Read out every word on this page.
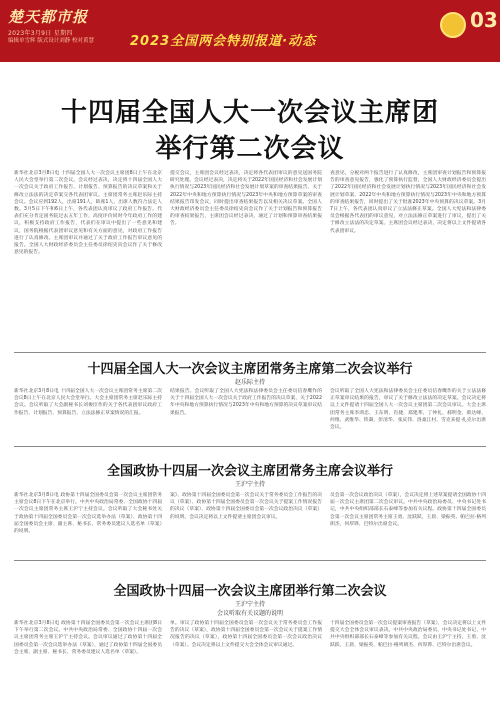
楚天都市报
2023年3月9日 星期四
编辑单雪辉 版式设计刘静 校对黄慧	2023全国两会特别报道·动态
03
十四届全国人大一次会议主席团
举行第二次会议
新华社北京3月8日电 十四届全国人大一次会议主席团8日上午在北京人民大会堂举行第二次会议。会议经过表决，决定将十四届全国人大一次会议关于政府工作报告、计划报告、预算报告的决议草案和关于修改立法法的决定草案交各代表团审议。主席团常务主席赵乐际主持会议。会议应到192人，出席191人，缺席1人，出席人数符合法定人数。3月5日下午和6日上午，各代表团认真审议了政府工作报告。代表们充分肯定国务院过去五年工作，高度评价同时今年政府工作的建议，积极支持政府工作报告，代表们在审议中提出了一些意见和建议，国务院根据代表团审议意见和有关方面的意见，对政府工作报告进行了认真修改。主席团审议并通过了关于政府工作报告审议意见的报告。全国人大财政经济委员会主任委员徐绍史向会议作了关于修改意见的报告。
提交会议，主席团会议经过表决，决定将各代表团审议的意见送国务院研究处理。会议经过表决，决定将关于2022年国民经济和社会发展计划执行情况与2023年国民经济和社会发展计划草案的审查结果报告、关于2022年中央和地方预算执行情况与2023年中央和地方预算草案的审查结果报告印发会议，同时提出审查结果报告以及相关决议草案。全国人大财政经济委员会主任委员徐绍史向会议作了关于计划报告和预算报告的审查结果报告，主席团会议经过表决，通过了计划和预算审查结果报告。
查意见，分税对两个报告进行了认真修改，主席团审查计划报告和预算报告的审查意见报告，强化了预算执行监督，全国人大财政经济委员会提出了2022年国民经济和社会发展计划执行情况与2023年国民经济和社会发展计划草案、2022年中央和地方预算执行情况与2023年中央和地方预算的审查结果报告，同时提出了关于批准2023年中央预算的决议草案。3月7日上午，各代表团认真审议了立法法修正草案。全国人大宪法和法律委员会根据各代表团的审议意见，对立法法修正草案进行了审议，提出了关于修改立法法的决定草案。主席团会议经过表决，决定将以上文件提请各代表团审议。
十四届全国人大一次会议主席团常务主席第二次会议举行
赵乐际主持
新华社北京3月8日电 十四届全国人大一次会议主席团常务主席第二次会议8日上午在北京人民大会堂举行。大会主席团常务主席赵乐际主持会议。会议听取了大会副秘书长刘俊臣作的关于各代表团审议政府工作报告、计划报告、预算报告、立法法修正草案情况的汇报。
结果报告。会议听取了全国人大宪法和法律委员会主任委员信春鹰作的关于十四届全国人大一次会议关于政府工作报告的决议草案、关于2022年中央和地方预算执行情况与2023年中央和地方预算的决议草案审议结果报告。
会议听取了全国人大宪法和法律委员会主任委员信春鹰作的关于立法法修正草案审议结果的报告，审议了关于修改立法法的决定草案。会议决定将以上文件提请十四届全国人大一次会议主席团第二次会议审议。大会主席团常务主席李鸿忠、王东明、肖捷、郑建邦、丁仲礼、郝明金、蔡达峰、何维、武维华、铁凝、彭清华、张庆伟、洛桑江村、雪克来提·扎克尔出席会议。
全国政协十四届一次会议主席团常务主席会议举行
王沪宁主持
新华社北京3月8日电 政协第十四届全国委员会第一次会议主席团常务主席会议8日下午在北京举行。中共中央政治局常委、全国政协十四届一次会议主席团常务主席王沪宁主持会议。会议听取了大会秘书处关于政协第十四届全国委员会第一次会议选举办法（草案）、政协第十四届全国委员会主席、副主席、秘书长、常务委员建议人选名单（草案）的说明。
案》、政协第十四届全国委员会第一次会议关于常务委员会工作报告的决议（草案）、政协第十四届全国委员会第一次会议关于提案工作情况报告的决议（草案）、政协第十四届全国委员会第一次会议政治决议（草案）的说明。会议决定将以上文件提请主席团会议审议。
员会第一次会议政治决议（草案），会议决定将上述草案提请全国政协十四届一次会议主席团第二次会议审议。中共中央政治局委员、中央书记处书记，中共中央组织部部长石泰峰等参加有关议程。政协第十四届全国委员会第一次会议主席团常务主席王勇、沈跃跃、王晨、梁振英、帕巴拉·格列朗杰、何厚铧、巴特尔出席会议。
全国政协十四届一次会议主席团举行第二次会议
王沪宁主持
会议听取有关议题的说明
新华社北京3月8日电 政协第十四届全国委员会第一次会议主席团8日下午举行第二次会议。中共中央政治局常委、全国政协十四届一次会议主席团常务主席王沪宁主持会议。会议审议通过了政协第十四届全国委员会第一次会议选举办法（草案），通过了政协第十四届全国委员会主席、副主席、秘书长、常务委员建议人选名单（草案）。
单。审议了政协第十四届全国委员会第一次会议关于常务委员会工作报告的决议（草案），政协第十四届全国委员会第一次会议关于提案工作情况报告的决议（草案），政协第十四届全国委员会第一次会议政治决议（草案）。会议决定将以上文件提交大会全体会议审议通过。
十四届全国委员会第一次会议提案审查报告（草案），会议决定将以上文件提交大会全体会议审议表决。中共中央政治局委员、中央书记处书记，中共中央组织部部长石泰峰等参加有关议程。会议由王沪宁主持，王勇、沈跃跃、王晨、梁振英、帕巴拉·格列朗杰、何厚铧、巴特尔出席会议。
